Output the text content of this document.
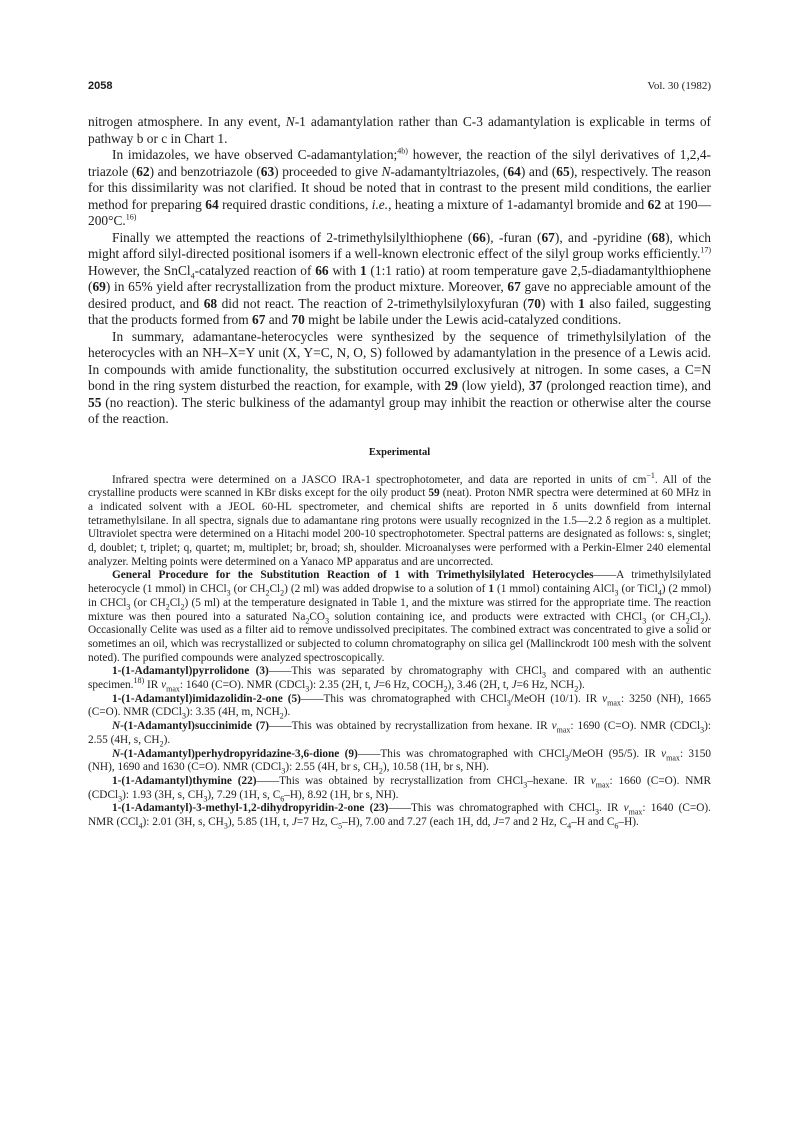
2058	Vol. 30 (1982)

nitrogen atmosphere. In any event, N-1 adamantylation rather than C-3 adamantylation is explicable in terms of pathway b or c in Chart 1.

In imidazoles, we have observed C-adamantylation;$^{4b)}$ however, the reaction of the silyl derivatives of 1,2,4-triazole (62) and benzotriazole (63) proceeded to give N-adamantyltriazoles, (64) and (65), respectively. The reason for this dissimilarity was not clarified. It shoud be noted that in contrast to the present mild conditions, the earlier method for preparing 64 required drastic conditions, i.e., heating a mixture of 1-adamantyl bromide and 62 at 190—200°C.$^{16)}$

Finally we attempted the reactions of 2-trimethylsilylthiophene (66), -furan (67), and -pyridine (68), which might afford silyl-directed positional isomers if a well-known electronic effect of the silyl group works efficiently.$^{17)}$ However, the SnCl$_4$-catalyzed reaction of 66 with 1 (1:1 ratio) at room temperature gave 2,5-diadamantylthiophene (69) in 65% yield after recrystallization from the product mixture. Moreover, 67 gave no appreciable amount of the desired product, and 68 did not react. The reaction of 2-trimethylsilyloxyfuran (70) with 1 also failed, suggesting that the products formed from 67 and 70 might be labile under the Lewis acid-catalyzed conditions.

In summary, adamantane-heterocycles were synthesized by the sequence of trimethylsilylation of the heterocycles with an NH–X=Y unit (X, Y=C, N, O, S) followed by adamantylation in the presence of a Lewis acid. In compounds with amide functionality, the substitution occurred exclusively at nitrogen. In some cases, a C=N bond in the ring system disturbed the reaction, for example, with 29 (low yield), 37 (prolonged reaction time), and 55 (no reaction). The steric bulkiness of the adamantyl group may inhibit the reaction or otherwise alter the course of the reaction.

Experimental

Infrared spectra were determined on a JASCO IRA-1 spectrophotometer, and data are reported in units of $cm^{-1}$. All of the crystalline products were scanned in KBr disks except for the oily product 59 (neat). Proton NMR spectra were determined at 60 MHz in a indicated solvent with a JEOL 60-HL spectrometer, and chemical shifts are reported in δ units downfield from internal tetramethylsilane. In all spectra, signals due to adamantane ring protons were usually recognized in the 1.5—2.2 δ region as a multiplet. Ultraviolet spectra were determined on a Hitachi model 200-10 spectrophotometer. Spectral patterns are designated as follows: s, singlet; d, doublet; t, triplet; q, quartet; m, multiplet; br, broad; sh, shoulder. Microanalyses were performed with a Perkin-Elmer 240 elemental analyzer. Melting points were determined on a Yanaco MP apparatus and are uncorrected.

General Procedure for the Substitution Reaction of 1 with Trimethylsilylated Heterocycles——A trimethylsilylated heterocycle (1 mmol) in CHCl$_3$ (or $CH_2Cl_2$) (2 ml) was added dropwise to a solution of 1 (1 mmol) containing AlCl$_3$ (or TiCl$_4$) (2 mmol) in CHCl$_3$ (or $CH_2Cl_2$) (5 ml) at the temperature designated in Table 1, and the mixture was stirred for the appropriate time. The reaction mixture was then poured into a saturated $Na_2CO_3$ solution containing ice, and products were extracted with CHCl$_3$ (or $CH_2Cl_2$). Occasionally Celite was used as a filter aid to remove undissolved precipitates. The combined extract was concentrated to give a solid or sometimes an oil, which was recrystallized or subjected to column chromatography on silica gel (Mallinckrodt 100 mesh with the solvent noted). The purified compounds were analyzed spectroscopically.

1-(1-Adamantyl)pyrrolidone (3)——This was separated by chromatography with CHCl$_3$ and compared with an authentic specimen.$^{18)}$ IR $\nu_{max}$: 1640 (C=O). NMR (CDCl$_3$): 2.35 (2H, t, J=6 Hz, $COCH_2$), 3.46 (2H, t, J=6 Hz, $NCH_2$).

1-(1-Adamantyl)imidazolidin-2-one (5)——This was chromatographed with CHCl$_3$/MeOH (10/1). IR $\nu_{max}$: 3250 (NH), 1665 (C=O). NMR (CDCl$_3$): 3.35 (4H, m, $NCH_2$).

N-(1-Adamantyl)succinimide (7)——This was obtained by recrystallization from hexane. IR $\nu_{max}$: 1690 (C=O). NMR (CDCl$_3$): 2.55 (4H, s, $CH_2$).

N-(1-Adamantyl)perhydropyridazine-3,6-dione (9)——This was chromatographed with CHCl$_3$/MeOH (95/5). IR $\nu_{max}$: 3150 (NH), 1690 and 1630 (C=O). NMR (CDCl$_3$): 2.55 (4H, br s, $CH_2$), 10.58 (1H, br s, NH).

1-(1-Adamantyl)thymine (22)——This was obtained by recrystallization from CHCl$_3$–hexane. IR $\nu_{max}$: 1660 (C=O). NMR (CDCl$_3$): 1.93 (3H, s, $CH_3$), 7.29 (1H, s, $C_6-H$), 8.92 (1H, br s, NH).

1-(1-Adamantyl)-3-methyl-1,2-dihydropyridin-2-one (23)——This was chromatographed with CHCl$_3$. IR $\nu_{max}$: 1640 (C=O). NMR (CCl$_4$): 2.01 (3H, s, $CH_3$), 5.85 (1H, t, J=7 Hz, $C_5-H$), 7.00 and 7.27 (each 1H, dd, J=7 and 2 Hz, $C_4-H$ and $C_6-H$).
